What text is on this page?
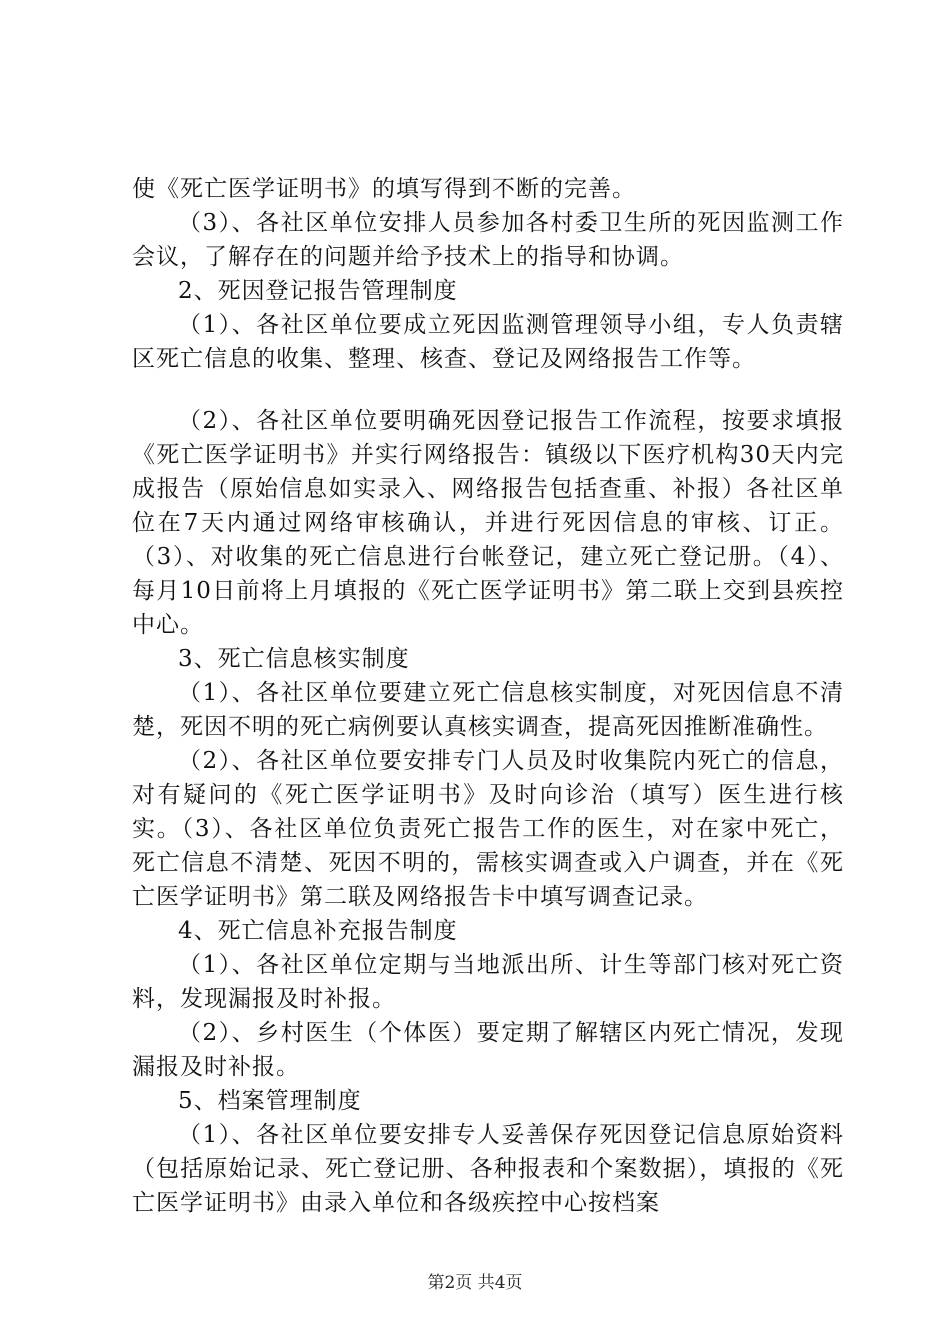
使《死亡医学证明书》的填写得到不断的完善。

（3）、各社区单位安排人员参加各村委卫生所的死因监测工作会议，了解存在的问题并给予技术上的指导和协调。

2、死因登记报告管理制度

（1）、各社区单位要成立死因监测管理领导小组，专人负责辖区死亡信息的收集、整理、核查、登记及网络报告工作等。

（2）、各社区单位要明确死因登记报告工作流程，按要求填报《死亡医学证明书》并实行网络报告：镇级以下医疗机构30天内完成报告（原始信息如实录入、网络报告包括查重、补报）各社区单位在7天内通过网络审核确认，并进行死因信息的审核、订正。（3）、对收集的死亡信息进行台帐登记，建立死亡登记册。（4）、每月10日前将上月填报的《死亡医学证明书》第二联上交到县疾控中心。

3、死亡信息核实制度

（1）、各社区单位要建立死亡信息核实制度，对死因信息不清楚，死因不明的死亡病例要认真核实调查，提高死因推断准确性。

（2）、各社区单位要安排专门人员及时收集院内死亡的信息，对有疑问的《死亡医学证明书》及时向诊治（填写）医生进行核实。（3）、各社区单位负责死亡报告工作的医生，对在家中死亡，死亡信息不清楚、死因不明的，需核实调查或入户调查，并在《死亡医学证明书》第二联及网络报告卡中填写调查记录。

4、死亡信息补充报告制度

（1）、各社区单位定期与当地派出所、计生等部门核对死亡资料，发现漏报及时补报。

（2）、乡村医生（个体医）要定期了解辖区内死亡情况，发现漏报及时补报。

5、档案管理制度

（1）、各社区单位要安排专人妥善保存死因登记信息原始资料（包括原始记录、死亡登记册、各种报表和个案数据），填报的《死亡医学证明书》由录入单位和各级疾控中心按档案

第2页 共4页
